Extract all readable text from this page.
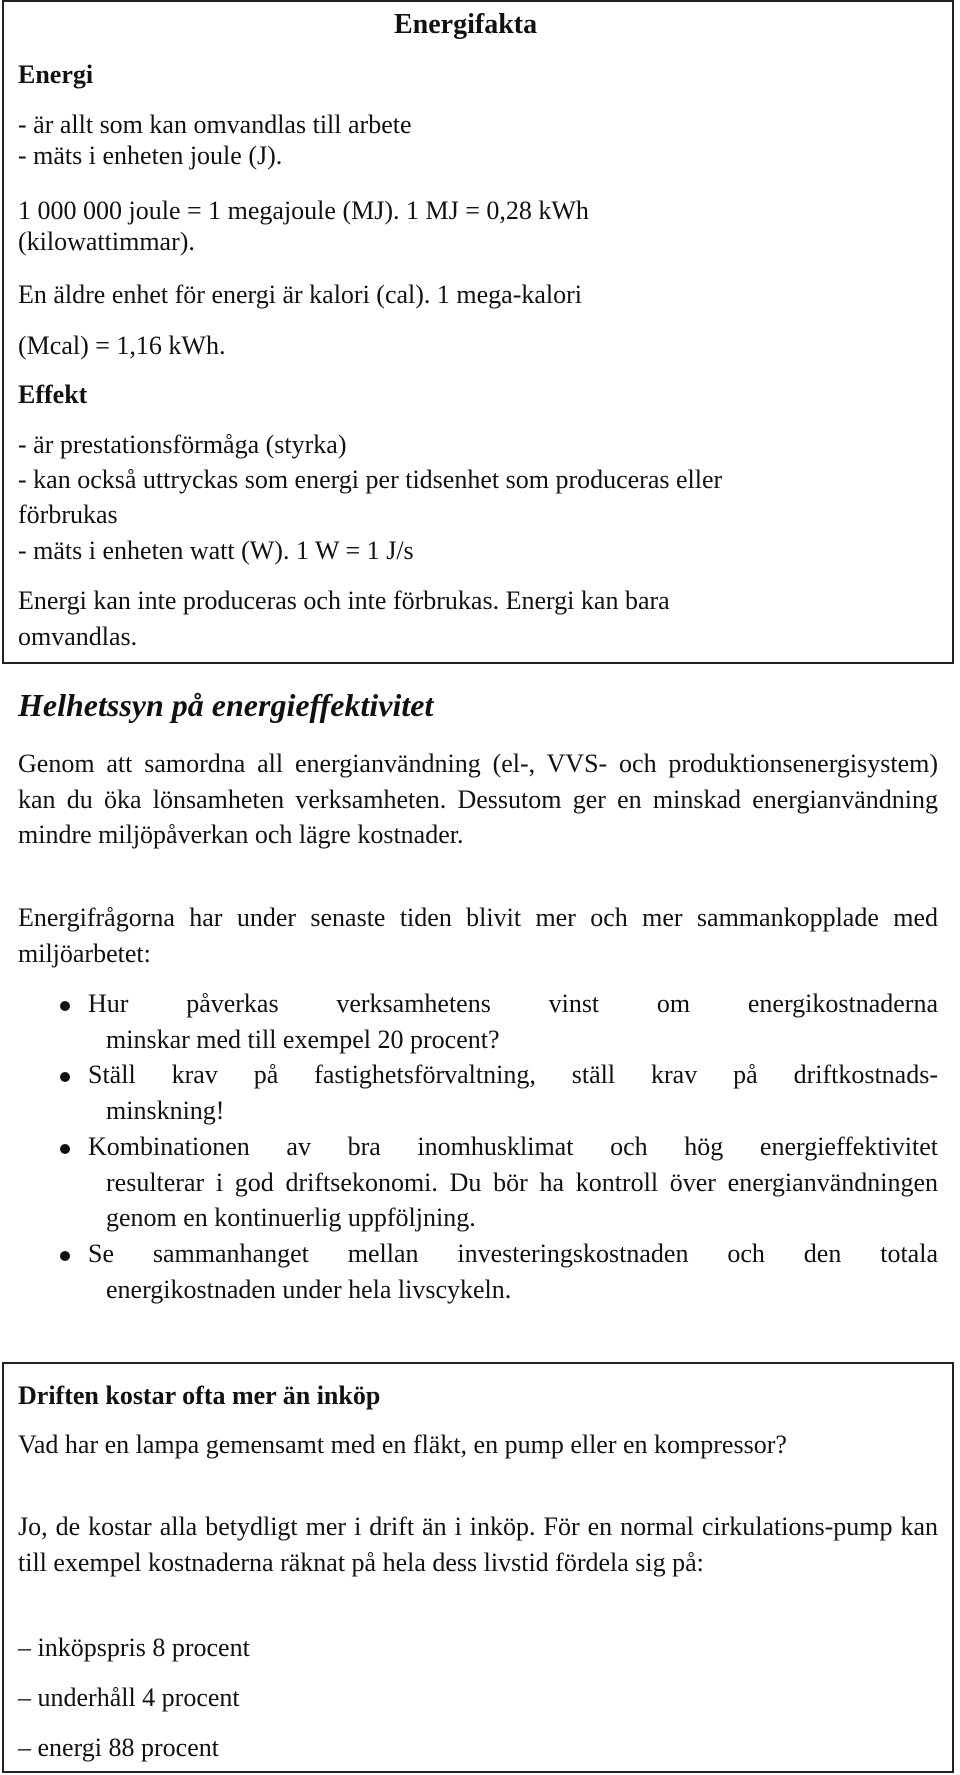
Energifakta

Energi

- är allt som kan omvandlas till arbete

- mäts i enheten joule (J).

1 000 000 joule = 1 megajoule (MJ). 1 MJ = 0,28 kWh

(kilowattimmar).

En äldre enhet för energi är kalori (cal). 1 mega-kalori

(Mcal) = 1,16 kWh.

Effekt

- är prestationsförmåga (styrka)

- kan också uttryckas som energi per tidsenhet som produceras eller

förbrukas

- mäts i enheten watt (W). 1 W = 1 J/s

Energi kan inte produceras och inte förbrukas. Energi kan bara

omvandlas.

Helhetssyn på energieffektivitet

Genom att samordna all energianvändning (el-, VVS- och produktionsenergisystem) kan du öka lönsamheten verksamheten. Dessutom ger en minskad energianvändning mindre miljöpåverkan och lägre kostnader.

Energifrågorna har under senaste tiden blivit mer och mer sammankopplade med miljöarbetet:

Hur påverkas verksamhetens vinst om energikostnaderna
minskar med till exempel 20 procent?

Ställ krav på fastighetsförvaltning, ställ krav på driftkostnads-
minskning!

Kombinationen av bra inomhusklimat och hög energieffektivitet
resulterar i god driftsekonomi. Du bör ha kontroll över energianvändningen genom en kontinuerlig uppföljning.

Se sammanhanget mellan investeringskostnaden och den totala
energikostnaden under hela livscykeln.

Driften kostar ofta mer än inköp

Vad har en lampa gemensamt med en fläkt, en pump eller en kompressor?

Jo, de kostar alla betydligt mer i drift än i inköp. För en normal cirkulations-pump kan till exempel kostnaderna räknat på hela dess livstid fördela sig på:

– inköpspris 8 procent

– underhåll 4 procent

– energi 88 procent
